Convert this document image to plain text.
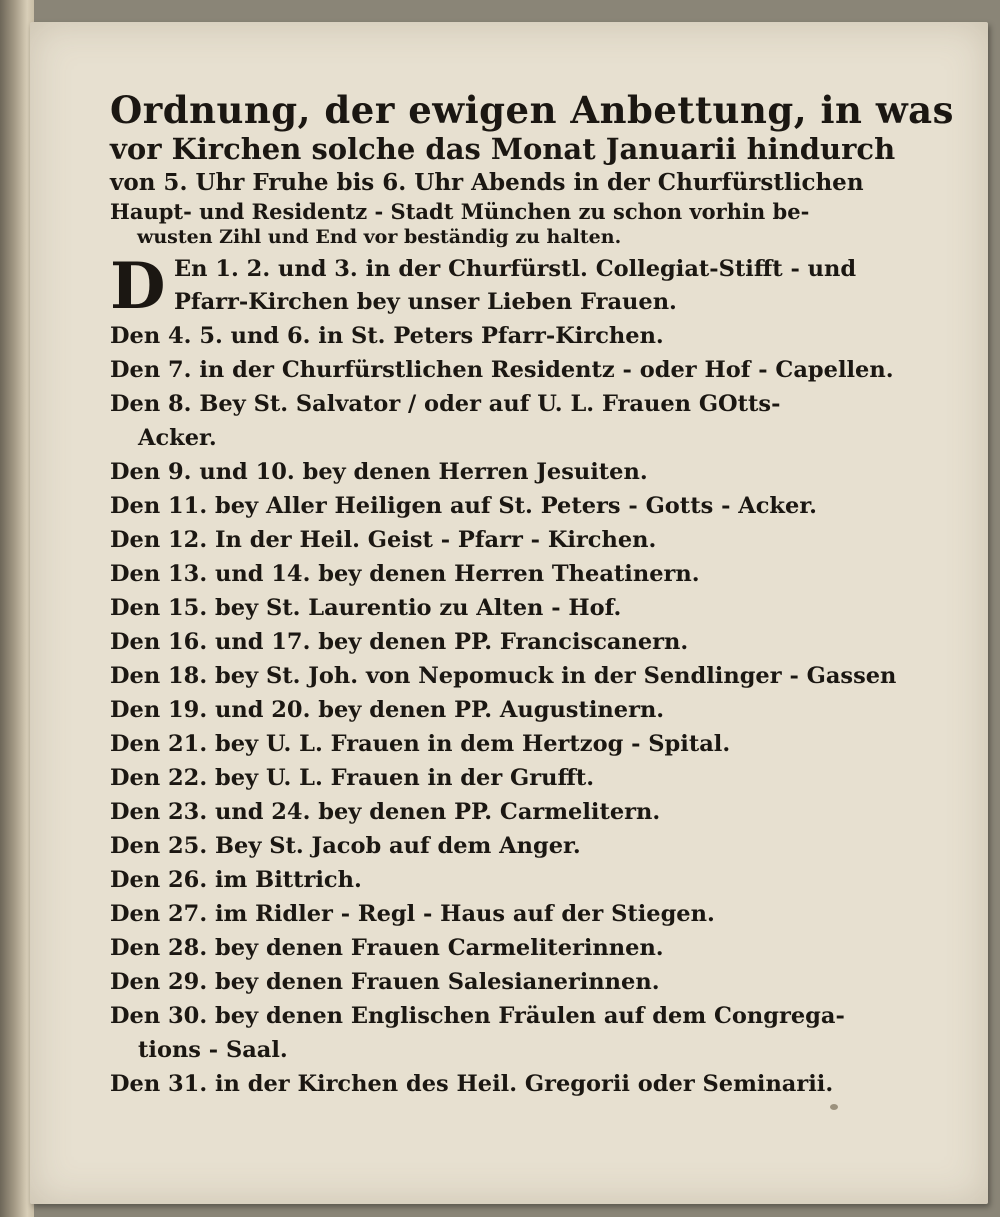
Ordnung, der ewigen Anbettung, in was

vor Kirchen solche das Monat Januarii hindurch

von 5. Uhr Fruhe bis 6. Uhr Abends in der Churfürstlichen

Haupt- und Residentz - Stadt München zu schon vorhin be-

wusten Zihl und End vor beständig zu halten.

D En 1. 2. und 3. in der Churfürstl. Collegiat-Stifft - und

Pfarr-Kirchen bey unser Lieben Frauen.

Den 4. 5. und 6. in St. Peters Pfarr-Kirchen.

Den 7. in der Churfürstlichen Residentz - oder Hof - Capellen.

Den 8. Bey St. Salvator / oder auf U. L. Frauen GOtts-

Acker.

Den 9. und 10. bey denen Herren Jesuiten.

Den 11. bey Aller Heiligen auf St. Peters - Gotts - Acker.

Den 12. In der Heil. Geist - Pfarr - Kirchen.

Den 13. und 14. bey denen Herren Theatinern.

Den 15. bey St. Laurentio zu Alten - Hof.

Den 16. und 17. bey denen PP. Franciscanern.

Den 18. bey St. Joh. von Nepomuck in der Sendlinger - Gassen

Den 19. und 20. bey denen PP. Augustinern.

Den 21. bey U. L. Frauen in dem Hertzog - Spital.

Den 22. bey U. L. Frauen in der Grufft.

Den 23. und 24. bey denen PP. Carmelitern.

Den 25. Bey St. Jacob auf dem Anger.

Den 26. im Bittrich.

Den 27. im Ridler - Regl - Haus auf der Stiegen.

Den 28. bey denen Frauen Carmeliterinnen.

Den 29. bey denen Frauen Salesianerinnen.

Den 30. bey denen Englischen Fräulen auf dem Congrega-

tions - Saal.

Den 31. in der Kirchen des Heil. Gregorii oder Seminarii.
